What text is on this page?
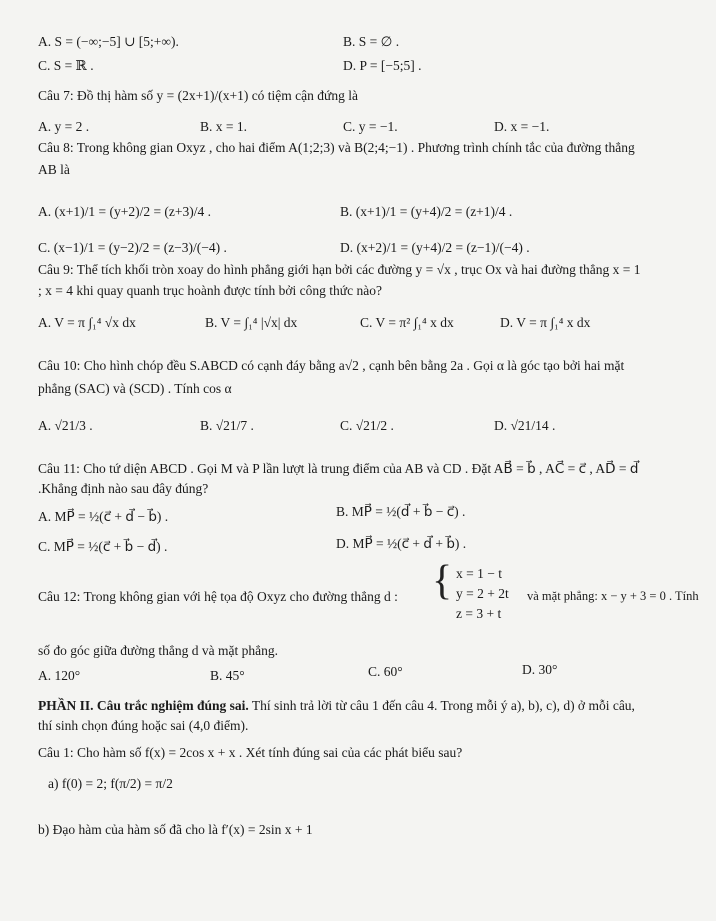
A. S = (−∞;−5] ∪ [5;+∞).	B. S = ∅ .
C. S = ℝ .	D. P = [−5;5] .
Câu 7: Đồ thị hàm số y = (2x+1)/(x+1) có tiệm cận đứng là
A. y = 2 .	B. x = 1.	C. y = −1.	D. x = −1.
Câu 8: Trong không gian Oxyz , cho hai điểm A(1;2;3) và B(2;4;−1) . Phương trình chính tắc của đường thẳng
AB là
A. (x+1)/1 = (y+2)/2 = (z+3)/4 .	B. (x+1)/1 = (y+4)/2 = (z+1)/4 .
C. (x−1)/1 = (y−2)/2 = (z−3)/(−4) .	D. (x+2)/1 = (y+4)/2 = (z−1)/(−4) .
Câu 9: Thể tích khối tròn xoay do hình phẳng giới hạn bởi các đường y = √x , trục Ox và hai đường thẳng x = 1
; x = 4 khi quay quanh trục hoành được tính bởi công thức nào?
A. V = π ∫₁⁴ √x dx	B. V = ∫₁⁴ |√x| dx	C. V = π² ∫₁⁴ x dx	D. V = π ∫₁⁴ x dx
Câu 10: Cho hình chóp đều S.ABCD có cạnh đáy bằng a√2 , cạnh bên bằng 2a . Gọi α là góc tạo bởi hai mặt
phẳng (SAC) và (SCD) . Tính cos α
A. √21/3 .	B. √21/7 .	C. √21/2 .	D. √21/14 .
Câu 11: Cho tứ diện ABCD . Gọi M và P lần lượt là trung điểm của AB và CD . Đặt AB⃗ = b⃗ , AC⃗ = c⃗ , AD⃗ = d⃗
.Khẳng định nào sau đây đúng?
A. MP⃗ = ½(c⃗ + d⃗ − b⃗) .	B. MP⃗ = ½(d⃗ + b⃗ − c⃗) .
C. MP⃗ = ½(c⃗ + b⃗ − d⃗) .	D. MP⃗ = ½(c⃗ + d⃗ + b⃗) .
Câu 12: Trong không gian với hệ tọa độ Oxyz cho đường thẳng d : { x = 1 − t
y = 2 + 2t
z = 3 + t
và mặt phẳng: x − y + 3 = 0 . Tính
số đo góc giữa đường thẳng d và mặt phẳng.
A. 120°	B. 45°	C. 60°	D. 30°
PHẦN II. Câu trắc nghiệm đúng sai. Thí sinh trả lời từ câu 1 đến câu 4. Trong mỗi ý a), b), c), d) ở mỗi câu,
thí sinh chọn đúng hoặc sai (4,0 điểm).
Câu 1: Cho hàm số f(x) = 2cos x + x . Xét tính đúng sai của các phát biểu sau?
a) f(0) = 2; f(π/2) = π/2
b) Đạo hàm của hàm số đã cho là f′(x) = 2sin x + 1
